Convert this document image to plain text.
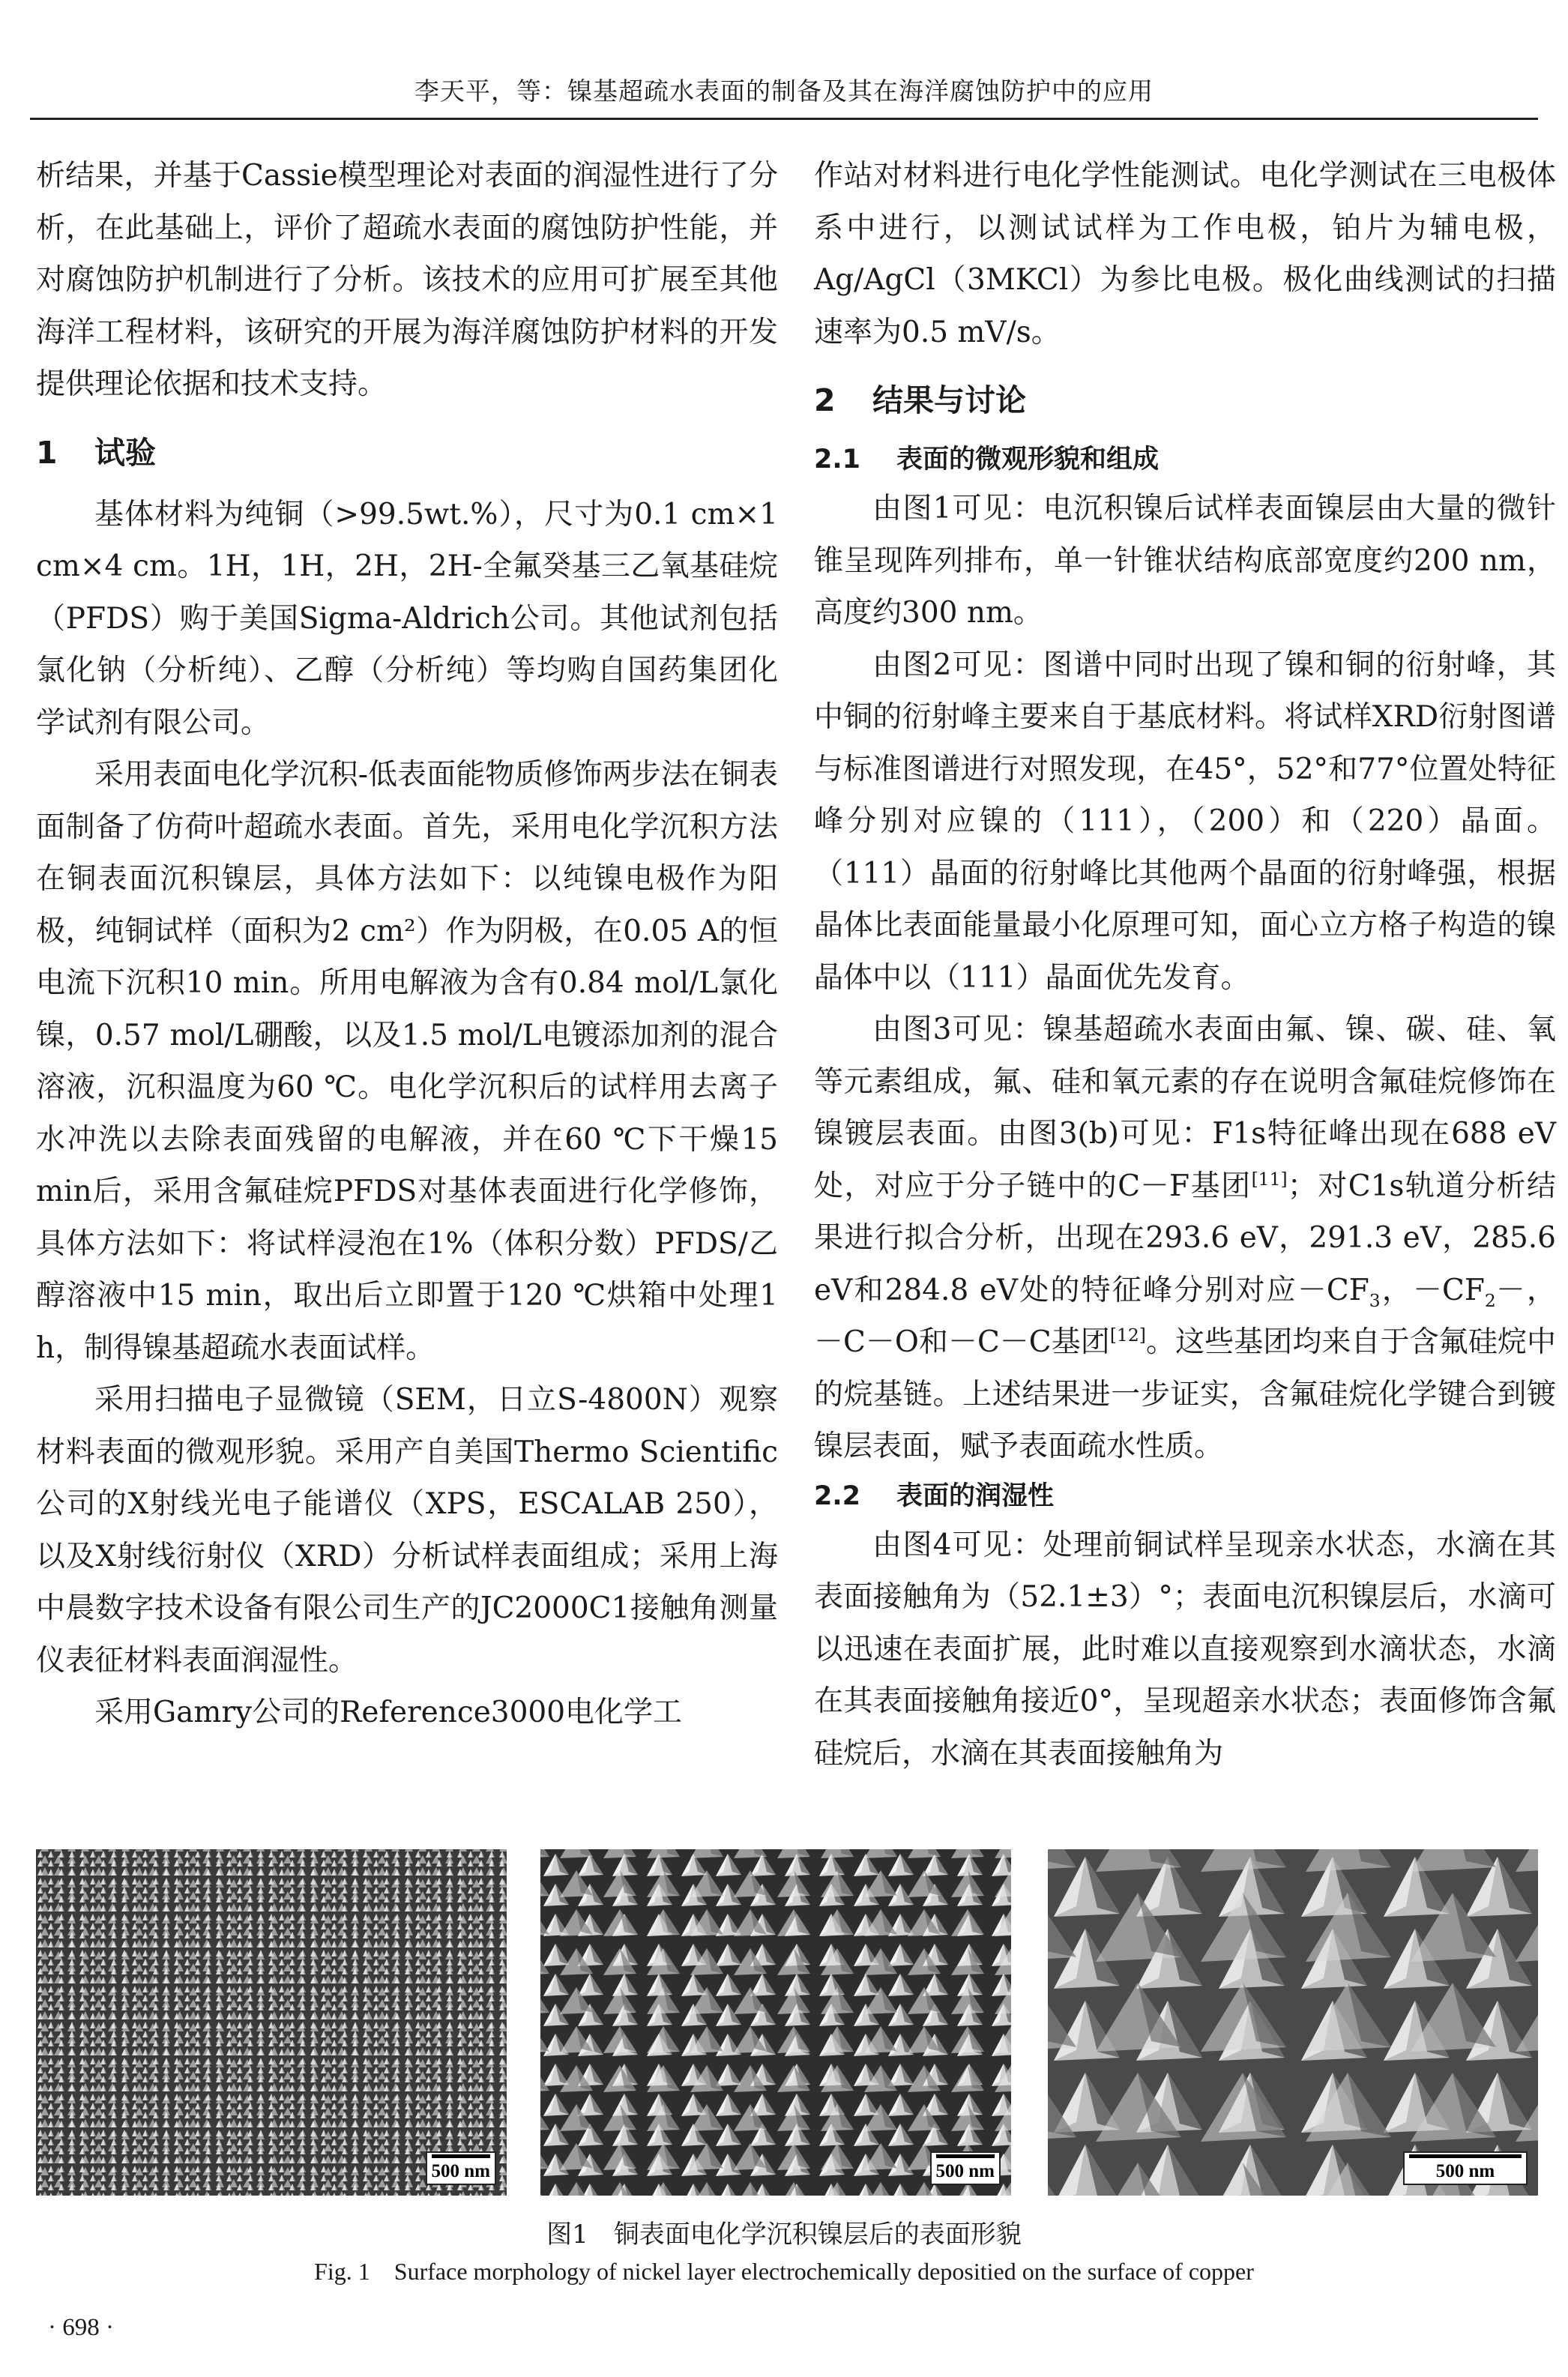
李天平，等：镍基超疏水表面的制备及其在海洋腐蚀防护中的应用

析结果，并基于Cassie模型理论对表面的润湿性进行了分析，在此基础上，评价了超疏水表面的腐蚀防护性能，并对腐蚀防护机制进行了分析。该技术的应用可扩展至其他海洋工程材料，该研究的开展为海洋腐蚀防护材料的开发提供理论依据和技术支持。

1 试验

基体材料为纯铜（>99.5wt.%），尺寸为0.1 cm×1 cm×4 cm。1H，1H，2H，2H-全氟癸基三乙氧基硅烷（PFDS）购于美国Sigma-Aldrich公司。其他试剂包括氯化钠（分析纯）、乙醇（分析纯）等均购自国药集团化学试剂有限公司。

采用表面电化学沉积-低表面能物质修饰两步法在铜表面制备了仿荷叶超疏水表面。首先，采用电化学沉积方法在铜表面沉积镍层，具体方法如下：以纯镍电极作为阳极，纯铜试样（面积为2 cm²）作为阴极，在0.05 A的恒电流下沉积10 min。所用电解液为含有0.84 mol/L氯化镍，0.57 mol/L硼酸，以及1.5 mol/L电镀添加剂的混合溶液，沉积温度为60 ℃。电化学沉积后的试样用去离子水冲洗以去除表面残留的电解液，并在60 ℃下干燥15 min后，采用含氟硅烷PFDS对基体表面进行化学修饰，具体方法如下：将试样浸泡在1%（体积分数）PFDS/乙醇溶液中15 min，取出后立即置于120 ℃烘箱中处理1 h，制得镍基超疏水表面试样。

采用扫描电子显微镜（SEM，日立S-4800N）观察材料表面的微观形貌。采用产自美国Thermo Scientific公司的X射线光电子能谱仪（XPS，ESCALAB 250），以及X射线衍射仪（XRD）分析试样表面组成；采用上海中晨数字技术设备有限公司生产的JC2000C1接触角测量仪表征材料表面润湿性。

采用Gamry公司的Reference3000电化学工

作站对材料进行电化学性能测试。电化学测试在三电极体系中进行，以测试试样为工作电极，铂片为辅电极，Ag/AgCl（3MKCl）为参比电极。极化曲线测试的扫描速率为0.5 mV/s。

2 结果与讨论
2.1 表面的微观形貌和组成

由图1可见：电沉积镍后试样表面镍层由大量的微针锥呈现阵列排布，单一针锥状结构底部宽度约200 nm，高度约300 nm。

由图2可见：图谱中同时出现了镍和铜的衍射峰，其中铜的衍射峰主要来自于基底材料。将试样XRD衍射图谱与标准图谱进行对照发现，在45°，52°和77°位置处特征峰分别对应镍的（111），（200）和（220）晶面。（111）晶面的衍射峰比其他两个晶面的衍射峰强，根据晶体比表面能量最小化原理可知，面心立方格子构造的镍晶体中以（111）晶面优先发育。

由图3可见：镍基超疏水表面由氟、镍、碳、硅、氧等元素组成，氟、硅和氧元素的存在说明含氟硅烷修饰在镍镀层表面。由图3(b)可见：F1s特征峰出现在688 eV处，对应于分子链中的C－F基团[11]；对C1s轨道分析结果进行拟合分析，出现在293.6 eV，291.3 eV，285.6 eV和284.8 eV处的特征峰分别对应$-CF_3$，$-CF_2-$，－C－O和－C－C基团[12]。这些基团均来自于含氟硅烷中的烷基链。上述结果进一步证实，含氟硅烷化学键合到镀镍层表面，赋予表面疏水性质。

2.2 表面的润湿性

由图4可见：处理前铜试样呈现亲水状态，水滴在其表面接触角为（52.1±3）°；表面电沉积镍层后，水滴可以迅速在表面扩展，此时难以直接观察到水滴状态，水滴在其表面接触角接近0°，呈现超亲水状态；表面修饰含氟硅烷后，水滴在其表面接触角为

500 nm	500 nm	500 nm
图1　铜表面电化学沉积镍层后的表面形貌
Fig. 1　Surface morphology of nickel layer electrochemically depositied on the surface of copper
· 698 ·
